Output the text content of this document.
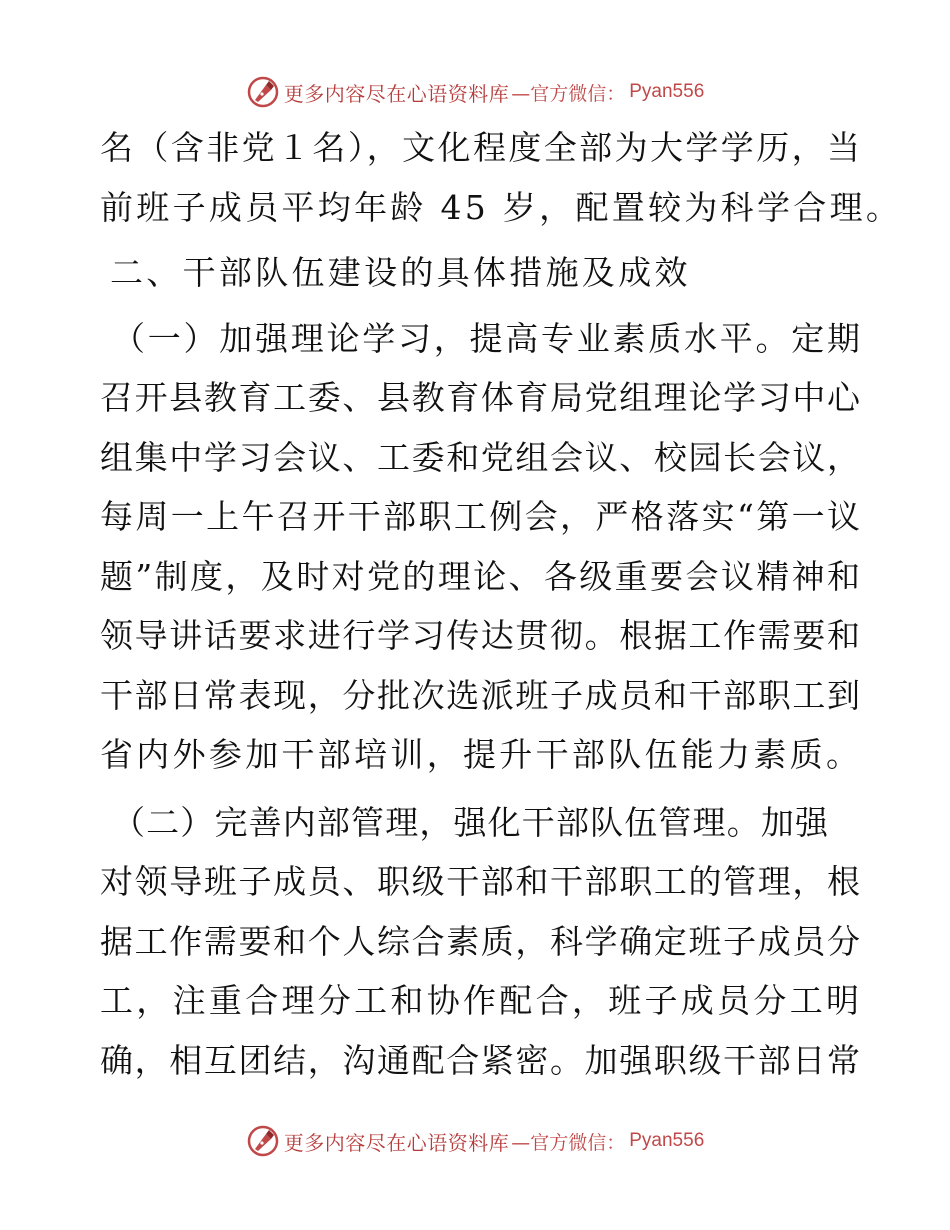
更多内容尽在心语资料库 —官方微信： Pyan556
名（含非党１名），文化程度全部为大学学历，当
前班子成员平均年龄 45 岁，配置较为科学合理。
二、干部队伍建设的具体措施及成效
（一）加强理论学习，提高专业素质水平。定期
召开县教育工委、县教育体育局党组理论学习中心
组集中学习会议、工委和党组会议、校园长会议，
每周一上午召开干部职工例会，严格落实“第一议
题”制度，及时对党的理论、各级重要会议精神和
领导讲话要求进行学习传达贯彻。根据工作需要和
干部日常表现，分批次选派班子成员和干部职工到
省内外参加干部培训，提升干部队伍能力素质。
（二）完善内部管理，强化干部队伍管理。加强
对领导班子成员、职级干部和干部职工的管理，根
据工作需要和个人综合素质，科学确定班子成员分
工，注重合理分工和协作配合，班子成员分工明
确，相互团结，沟通配合紧密。加强职级干部日常
更多内容尽在心语资料库 —官方微信： Pyan556
